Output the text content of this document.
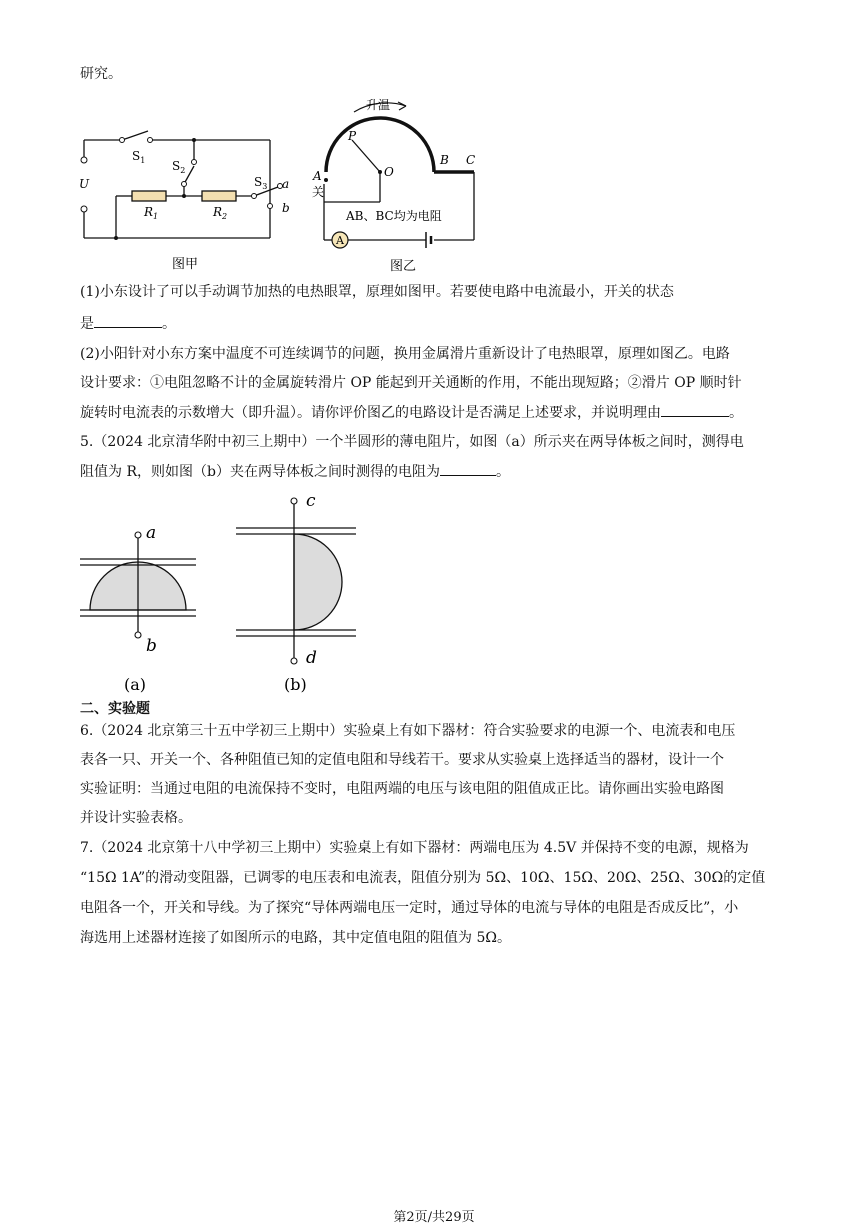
研究。
$S_1$ $S_2$
$S_3$
U	a
b
$R_1$	$R_2$
图甲
升温
P
O
A
B C
关
AB、BC均为电阻
A
图乙
(1)小东设计了可以手动调节加热的电热眼罩，原理如图甲。若要使电路中电流最小，开关的状态
是	。
(2)小阳针对小东方案中温度不可连续调节的问题，换用金属滑片重新设计了电热眼罩，原理如图乙。电路
设计要求：①电阻忽略不计的金属旋转滑片 OP 能起到开关通断的作用，不能出现短路；②滑片 OP 顺时针
旋转时电流表的示数增大（即升温）。请你评价图乙的电路设计是否满足上述要求，并说明理由	。
5.（2024 北京清华附中初三上期中）一个半圆形的薄电阻片，如图（a）所示夹在两导体板之间时，测得电
阻值为 R，则如图（b）夹在两导体板之间时测得的电阻为	。
a
b
c
d
(a)	(b)
二、实验题
6.（2024 北京第三十五中学初三上期中）实验桌上有如下器材：符合实验要求的电源一个、电流表和电压
表各一只、开关一个、各种阻值已知的定值电阻和导线若干。要求从实验桌上选择适当的器材，设计一个
实验证明：当通过电阻的电流保持不变时，电阻两端的电压与该电阻的阻值成正比。请你画出实验电路图
并设计实验表格。
7.（2024 北京第十八中学初三上期中）实验桌上有如下器材：两端电压为 4.5V 并保持不变的电源，规格为
“15Ω 1A”的滑动变阻器，已调零的电压表和电流表，阻值分别为 5Ω、10Ω、15Ω、20Ω、25Ω、30Ω的定值
电阻各一个，开关和导线。为了探究“导体两端电压一定时，通过导体的电流与导体的电阻是否成反比”，小
海选用上述器材连接了如图所示的电路，其中定值电阻的阻值为 5Ω。
第2页/共29页
